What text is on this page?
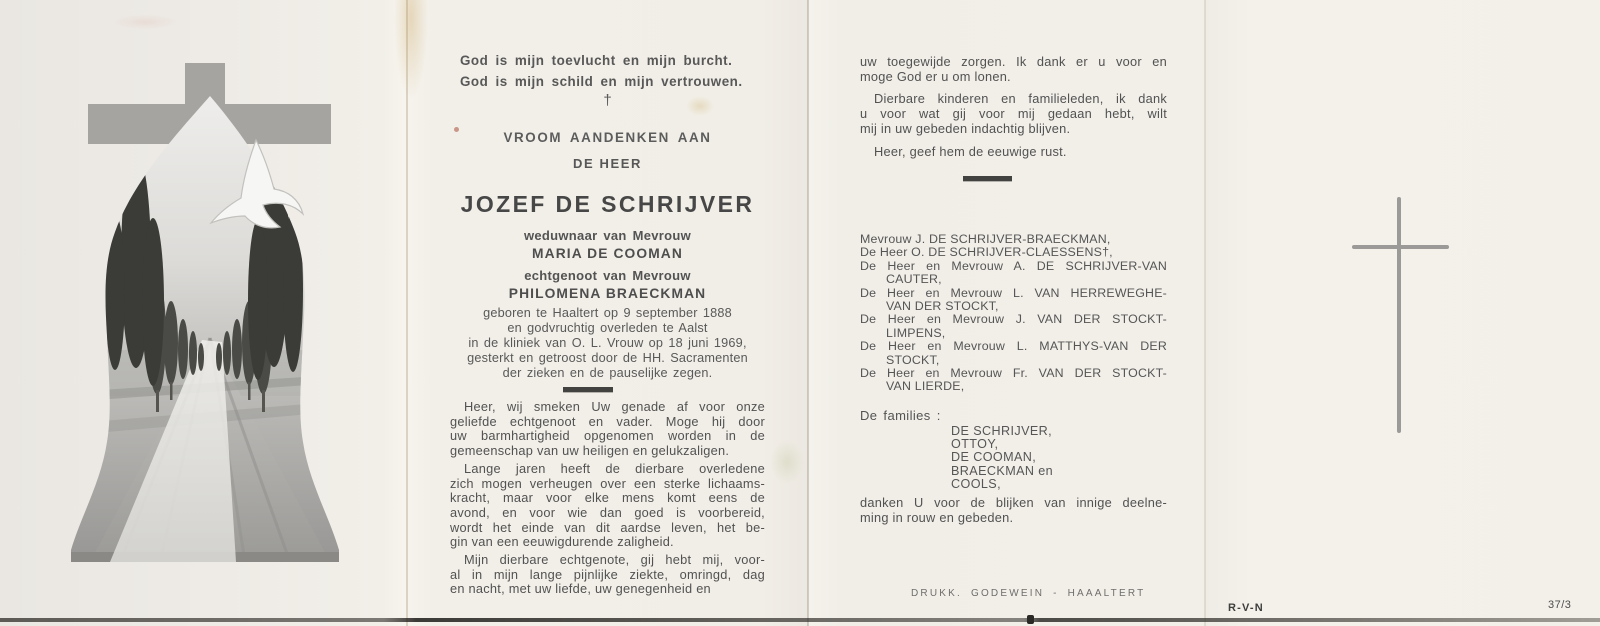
God is mijn toevlucht en mijn burcht.
God is mijn schild en mijn vertrouwen.
†
VROOM AANDENKEN AAN
DE HEER
JOZEF DE SCHRIJVER
weduwnaar van Mevrouw
MARIA DE COOMAN
echtgenoot van Mevrouw
PHILOMENA BRAECKMAN
geboren te Haaltert op 9 september 1888
en godvruchtig overleden te Aalst
in de kliniek van O. L. Vrouw op 18 juni 1969,
gesterkt en getroost door de HH. Sacramenten
der zieken en de pauselijke zegen.
Heer, wij smeken Uw genade af voor onze
geliefde echtgenoot en vader. Moge hij door
uw barmhartigheid opgenomen worden in de
gemeenschap van uw heiligen en gelukzaligen.
Lange jaren heeft de dierbare overledene
zich mogen verheugen over een sterke lichaams-
kracht, maar voor elke mens komt eens de
avond, en voor wie dan goed is voorbereid,
wordt het einde van dit aardse leven, het be-
gin van een eeuwigdurende zaligheid.
Mijn dierbare echtgenote, gij hebt mij, voor-
al in mijn lange pijnlijke ziekte, omringd, dag
en nacht, met uw liefde, uw genegenheid en
uw toegewijde zorgen. Ik dank er u voor en
moge God er u om lonen.
Dierbare kinderen en familieleden, ik dank
u voor wat gij voor mij gedaan hebt, wilt
mij in uw gebeden indachtig blijven.
Heer, geef hem de eeuwige rust.
Mevrouw J. DE SCHRIJVER-BRAECKMAN,
De Heer O. DE SCHRIJVER-CLAESSENS†,
De Heer en Mevrouw A. DE SCHRIJVER-VAN
CAUTER,
De Heer en Mevrouw L. VAN HERREWEGHE-
VAN DER STOCKT,
De Heer en Mevrouw J. VAN DER STOCKT-
LIMPENS,
De Heer en Mevrouw L. MATTHYS-VAN DER
STOCKT,
De Heer en Mevrouw Fr. VAN DER STOCKT-
VAN LIERDE,
De families :
DE SCHRIJVER,
OTTOY,
DE COOMAN,
BRAECKMAN en
COOLS,
danken U voor de blijken van innige deelne-
ming in rouw en gebeden.
DRUKK. GODEWEIN - HAAALTERT
R-V-N	37/3
